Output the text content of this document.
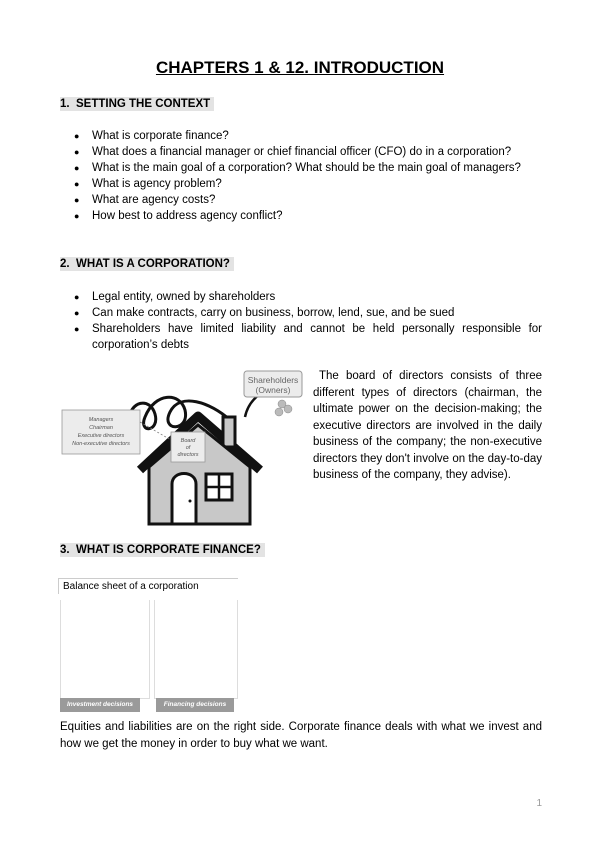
CHAPTERS 1 & 12. INTRODUCTION
1. SETTING THE CONTEXT
● What is corporate finance?
● What does a financial manager or chief financial officer (CFO) do in a corporation?
● What is the main goal of a corporation? What should be the main goal of managers?
● What is agency problem?
● What are agency costs?
● How best to address agency conflict?
2. WHAT IS A CORPORATION?
● Legal entity, owned by shareholders
● Can make contracts, carry on business, borrow, lend, sue, and be sued
● Shareholders have limited liability and cannot be held personally responsible for corporation’s debts
Shareholders
(Owners)
Board
of
directors
Managers
Chairman
Executive directors
Non-executive directors
The board of directors consists of three different types of directors (chairman, the ultimate power on the decision-making; the executive directors are involved in the daily business of the company; the non-executive directors they don't involve on the day-to-day business of the company, they advise).
3. WHAT IS CORPORATE FINANCE?
Balance sheet of a corporation
Investment decisions	Financing decisions
Equities and liabilities are on the right side. Corporate finance deals with what we invest and how we get the money in order to buy what we want.
1
